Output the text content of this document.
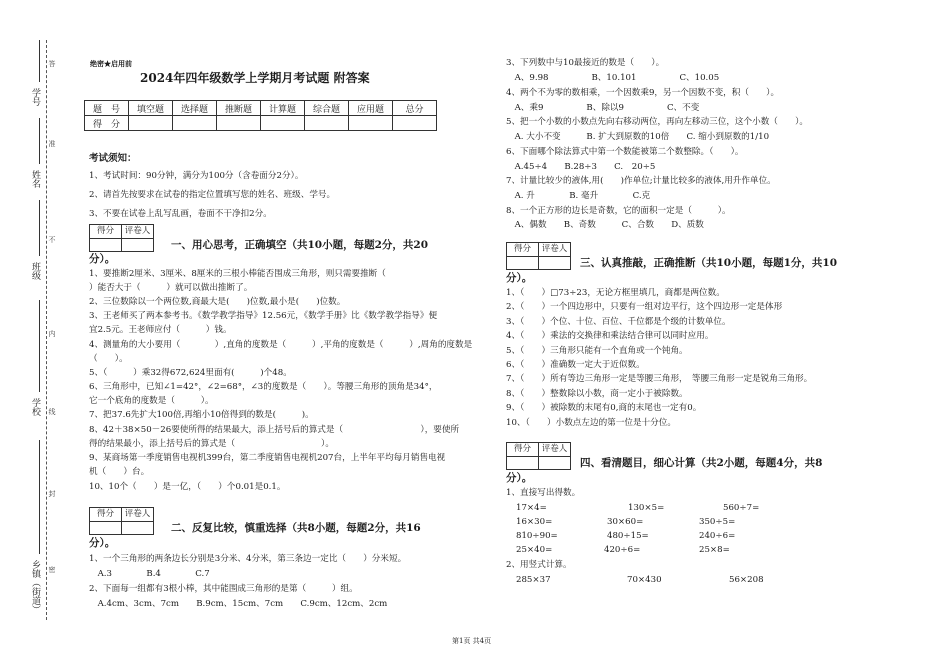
学号
姓名
班级
学校
乡镇（街道）
答
准
不
内
线
封
密
绝密★启用前
2024年四年级数学上学期月考试题 附答案
题　号	填空题	选择题	推断题	计算题	综合题	应用题	总分
得　分							
考试须知：
1、考试时间：90分钟，满分为100分（含卷面分2分）。
2、请首先按要求在试卷的指定位置填写您的姓名、班级、学号。
3、不要在试卷上乱写乱画，卷面不干净扣2分。
得分	评卷人
一、用心思考，正确填空（共10小题，每题2分，共20
分）。
1、要推断2厘米、3厘米、8厘米的三根小棒能否围成三角形，则只需要推断（
）能否大于（　　　）就可以做出推断了。
2、三位数除以一个两位数,商最大是(　　)位数,最小是(　　)位数。
3、王老师买了两本参考书。《数学教学指导》12.56元，《数学手册》比《数学教学指导》便
宜2.5元。王老师应付（　　　）钱。
4、测量角的大小要用（　　　　）,直角的度数是（　　　）,平角的度数是（　　　）,周角的度数是
（　　）。
5、（　　　）乘32得672,624里面有(　　　)个48。
6、三角形中，已知∠1=42°，∠2=68°，∠3的度数是（　　）。等腰三角形的顶角是34°，
它一个底角的度数是（　　　）。
7、把37.6先扩大100倍,再缩小10倍得到的数是(　　　)。
8、42＋38×50－26要使所得的结果最大，添上括号后的算式是（　　　　　　　　　），要使所
得的结果最小，添上括号后的算式是（　　　　　　　　　　）。
9、某商场第一季度销售电视机399台，第二季度销售电视机207台，上半年平均每月销售电视
机（　　）台。
10、10个（　　）是一亿，（　　）个0.01是0.1。
得分	评卷人
二、反复比较，慎重选择（共8小题，每题2分，共16
分）。
1、一个三角形的两条边长分别是3分米、4分米，第三条边一定比（　　）分米短。
　A.3　　　　B.4　　　　C.7
2、下面每一组都有3根小棒，其中能围成三角形的是第（　　　）组。
　A.4cm、3cm、7cm　　B.9cm、15cm、7cm　　C.9cm、12cm、2cm
3、下列数中与10最接近的数是（　　）。
　A、9.98　　　　　B、10.101　　　　　C、10.05
4、两个不为零的数相乘，一个因数乘9，另一个因数不变，积（　　）。
　A、乘9　　　　　B、除以9　　　　　C、不变
5、把一个小数的小数点先向右移动两位，再向左移动三位，这个小数（　　）。
　A. 大小不变　　　B. 扩大到原数的10倍　　C. 缩小到原数的1/10
6、下面哪个除法算式中第一个数能被第二个数整除。（　　）。
　A.45÷4　　B.28÷3　　C.　20÷5
7、计量比较少的液体,用(　　)作单位;计量比较多的液体,用升作单位。
　A. 升　　　　B. 毫升　　　　C.克
8、一个正方形的边长是奇数，它的面积一定是（　　　）。
　A、偶数　　B、奇数　　　C、合数　　D、质数
得分	评卷人
三、认真推敲，正确推断（共10小题，每题1分，共10
分）。
1、（　　）□73÷23，无论方框里填几，商都是两位数。
2、（　　）一个四边形中，只要有一组对边平行，这个四边形一定是体形
3、（　　）个位、十位、百位、千位都是个级的计数单位。
4、（　　）乘法的交换律和乘法结合律可以同时应用。
5、（　　）三角形只能有一个直角或一个钝角。
6、（　　）准确数一定大于近似数。
7、（　　）所有等边三角形一定是等腰三角形，　等腰三角形一定是锐角三角形。
8、（　　）整数除以小数，商一定小于被除数。
9、（　　）被除数的末尾有0,商的末尾也一定有0。
10、（　　）小数点左边的第一位是十分位。
得分	评卷人
四、看清题目，细心计算（共2小题，每题4分，共8
分）。
1、直接写出得数。
17×4=	130×5=	560÷7=
16×30=	30×60=	350÷5=
810÷90=	480÷15=	240÷6=
25×40=	420÷6=	25×8=
2、用竖式计算。
285×37	70×430	56×208
第1页 共4页
